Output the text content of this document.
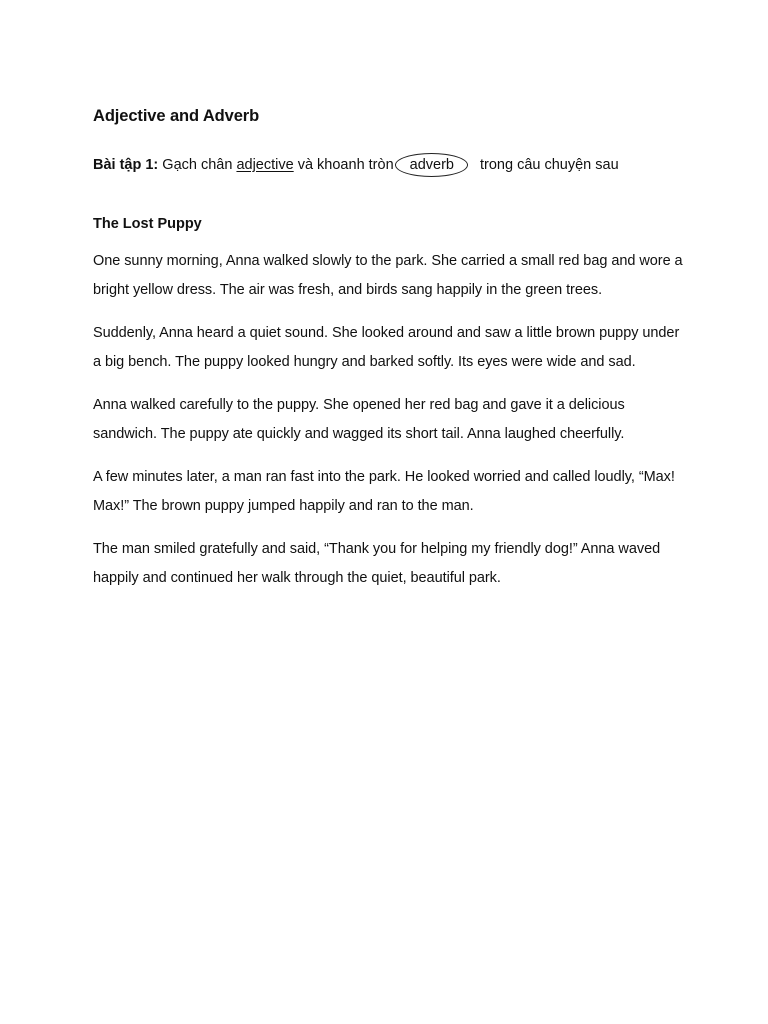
Adjective and Adverb
Bài tập 1: Gạch chân adjective và khoanh tròn adverb trong câu chuyện sau
The Lost Puppy

One sunny morning, Anna walked slowly to the park. She carried a small red bag and wore a bright yellow dress. The air was fresh, and birds sang happily in the green trees.

Suddenly, Anna heard a quiet sound. She looked around and saw a little brown puppy under a big bench. The puppy looked hungry and barked softly. Its eyes were wide and sad.

Anna walked carefully to the puppy. She opened her red bag and gave it a delicious sandwich. The puppy ate quickly and wagged its short tail. Anna laughed cheerfully.

A few minutes later, a man ran fast into the park. He looked worried and called loudly, “Max! Max!” The brown puppy jumped happily and ran to the man.

The man smiled gratefully and said, “Thank you for helping my friendly dog!” Anna waved happily and continued her walk through the quiet, beautiful park.
